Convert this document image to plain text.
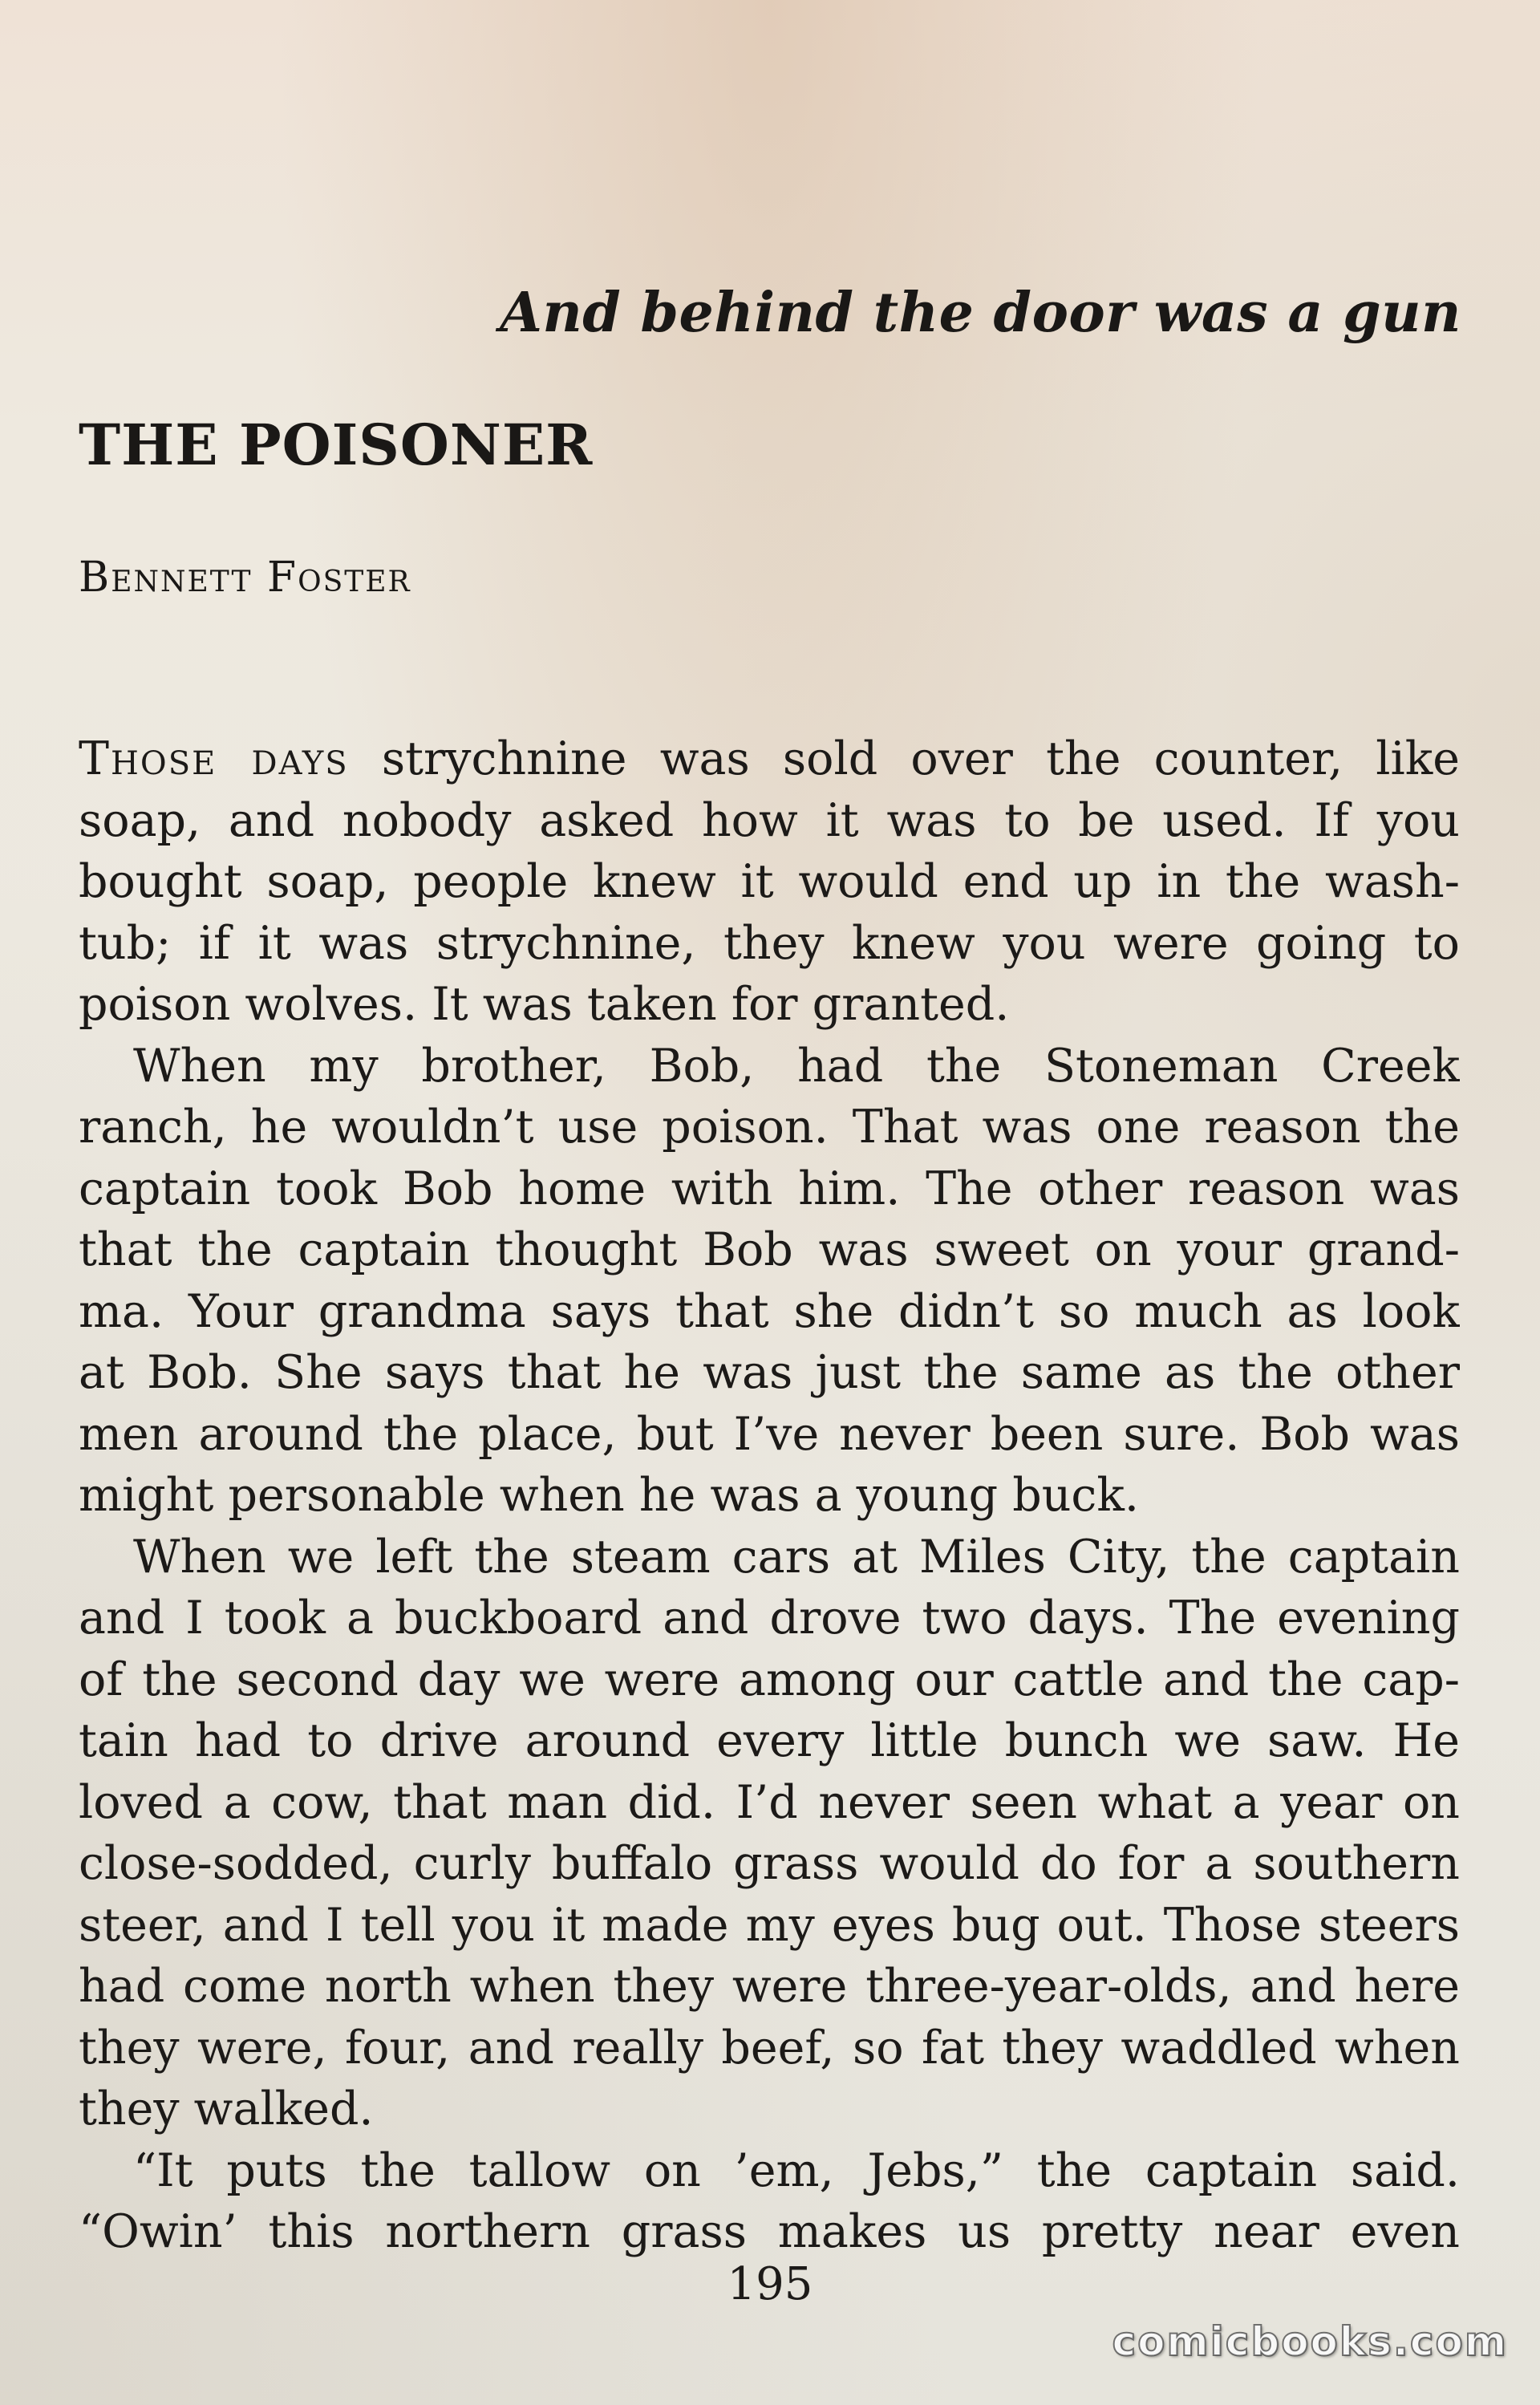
And behind the door was a gun
THE POISONER
Bennett Foster
Those days strychnine was sold over the counter, like
soap, and nobody asked how it was to be used. If you
bought soap, people knew it would end up in the wash-
tub; if it was strychnine, they knew you were going to
poison wolves. It was taken for granted.
When my brother, Bob, had the Stoneman Creek
ranch, he wouldn’t use poison. That was one reason the
captain took Bob home with him. The other reason was
that the captain thought Bob was sweet on your grand-
ma. Your grandma says that she didn’t so much as look
at Bob. She says that he was just the same as the other
men around the place, but I’ve never been sure. Bob was
might personable when he was a young buck.
When we left the steam cars at Miles City, the captain
and I took a buckboard and drove two days. The evening
of the second day we were among our cattle and the cap-
tain had to drive around every little bunch we saw. He
loved a cow, that man did. I’d never seen what a year on
close-sodded, curly buffalo grass would do for a southern
steer, and I tell you it made my eyes bug out. Those steers
had come north when they were three-year-olds, and here
they were, four, and really beef, so fat they waddled when
they walked.
“It puts the tallow on ’em, Jebs,” the captain said.
“Owin’ this northern grass makes us pretty near even
195
comicbooks.com
